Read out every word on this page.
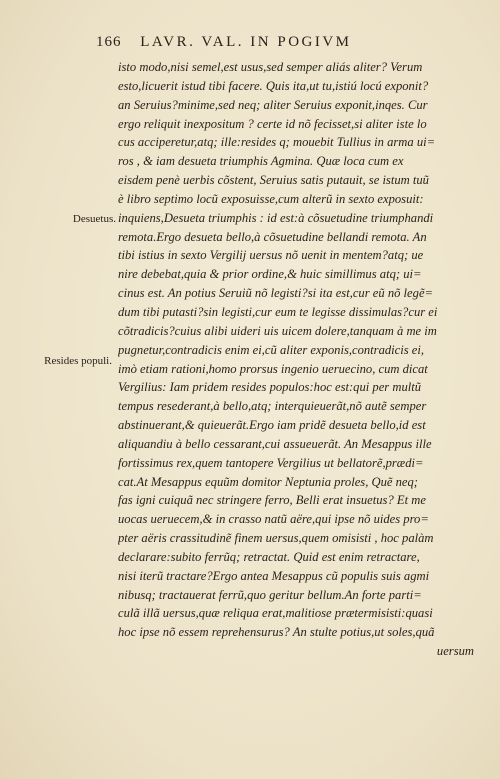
166 LAVR. VAL. IN POGIVM
Desuetus.
Resides populi.
isto modo,nisi semel,est usus,sed semper aliás aliter? Verum
esto,licuerit istud tibi facere. Quis ita,ut tu,istiú locú exponit?
an Seruius?minime,sed neq; aliter Seruius exponit,inqes. Cur
ergo reliquit inexpositum ? certe id nõ fecisset,si aliter iste lo
cus acciperetur,atq; ille:resides q; mouebit Tullius in arma ui=
ros , & iam desueta triumphis Agmina. Quæ loca cum ex
eisdem penè uerbis cõstent, Seruius satis putauit, se istum tuũ
è libro septimo locũ exposuisse,cum alterũ in sexto exposuit:
inquiens,Desueta triumphis : id est:à cõsuetudine triumphandi
remota.Ergo desueta bello,à cõsuetudine bellandi remota. An
tibi istius in sexto Vergilij uersus nõ uenit in mentem?atq; ue
nire debebat,quia & prior ordine,& huic simillimus atq; ui=
cinus est. An potius Seruiũ nõ legisti?si ita est,cur eũ nõ legẽ=
dum tibi putasti?sin legisti,cur eum te legisse dissimulas?cur ei
cõtradicis?cuius alibi uideri uis uicem dolere,tanquam à me im
pugnetur,contradicis enim ei,cũ aliter exponis,contradicis ei,
imò etiam rationi,homo prorsus ingenio ueruecino, cum dicat
Vergilius: Iam pridem resides populos:hoc est:qui per multũ
tempus resederant,à bello,atq; interquieuerãt,nõ autẽ semper
abstinuerant,& quieuerãt.Ergo iam pridẽ desueta bello,id est
aliquandiu à bello cessarant,cui assueuerãt. An Mesappus ille
fortissimus rex,quem tantopere Vergilius ut bellatorẽ,prædi=
cat.At Mesappus equũm domitor Neptunia proles, Quẽ neq;
fas igni cuiquã nec stringere ferro, Belli erat insuetus? Et me
uocas ueruecem,& in crasso natũ aëre,qui ipse nõ uides pro=
pter aëris crassitudinẽ finem uersus,quem omisisti , hoc palàm
declarare:subito ferrũq; retractat. Quid est enim retractare,
nisi iterũ tractare?Ergo antea Mesappus cũ populis suis agmi
nibusq; tractauerat ferrũ,quo geritur bellum.An forte parti=
culã illã uersus,quæ reliqua erat,malitiose prætermisisti:quasi
hoc ipse nõ essem reprehensurus? An stulte potius,ut soles,quã
uersum
